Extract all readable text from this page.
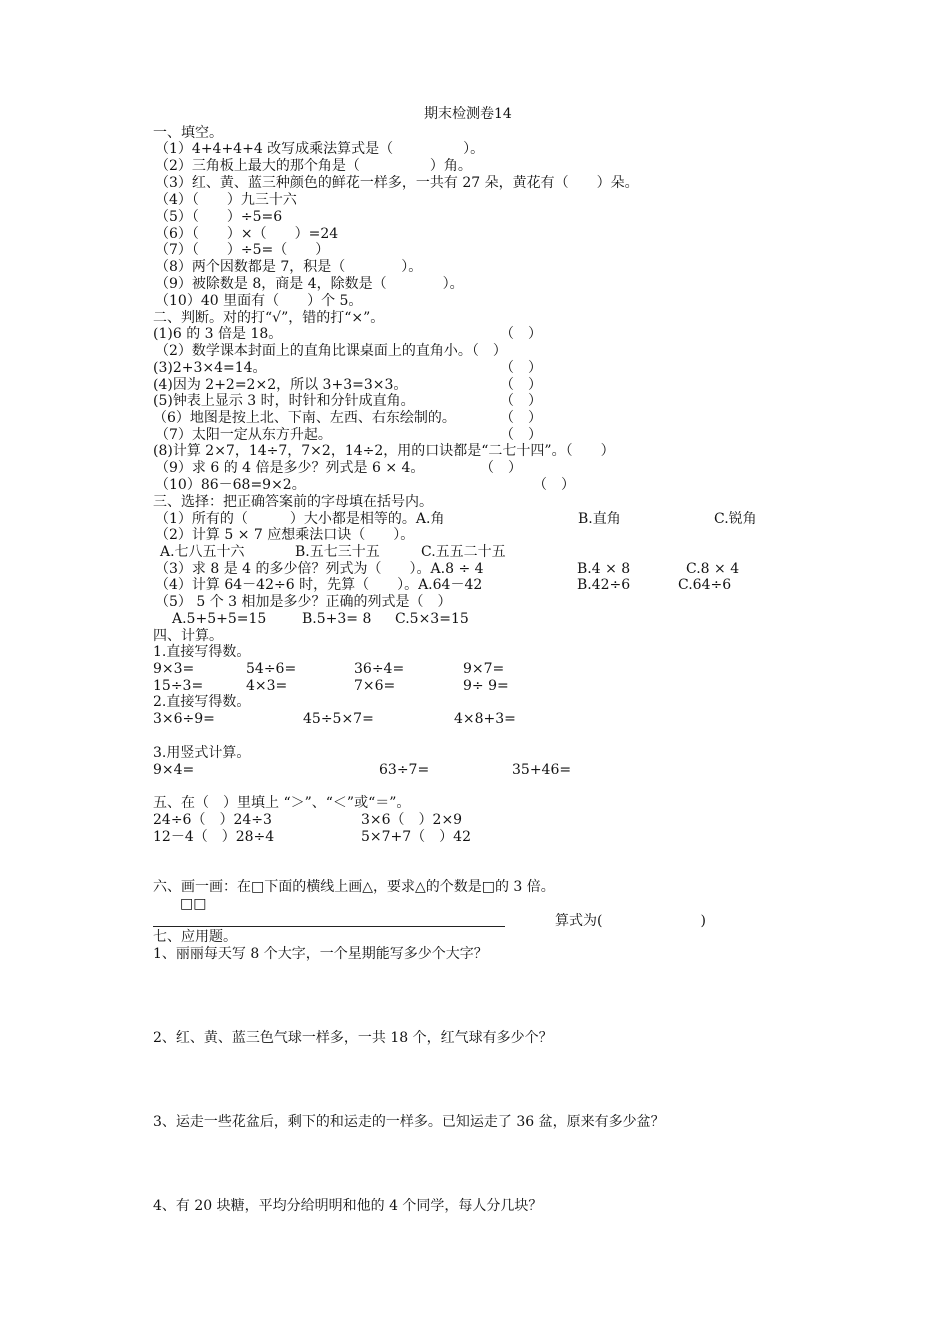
期末检测卷14
一、填空。
（1）4+4+4+4 改写成乘法算式是（　　　　　）。
（2）三角板上最大的那个角是（　　　　　）角。
（3）红、黄、蓝三种颜色的鲜花一样多，一共有 27 朵，黄花有（　　）朵。
（4）（　　）九三十六
（5）（　　）÷5=6
（6）（　　）×（　　）=24
（7）（　　）÷5=（　　）
（8）两个因数都是 7，积是（　　　　）。
（9）被除数是 8，商是 4，除数是（　　　　）。
（10）40 里面有（　　）个 5。
二、判断。对的打“√”，错的打“×”。
(1)6 的 3 倍是 18。	（　）
（2）数学课本封面上的直角比课桌面上的直角小。（　）
(3)2+3×4=14。	（　）
(4)因为 2+2=2×2，所以 3+3=3×3。	（　）
(5)钟表上显示 3 时，时针和分针成直角。	（　）
（6）地图是按上北、下南、左西、右东绘制的。	（　）
（7）太阳一定从东方升起。	（　）
(8)计算 2×7，14÷7，7×2，14÷2，用的口诀都是“二七十四”。（　　）
（9）求 6 的 4 倍是多少？列式是 6 × 4。	（　）
（10）86－68=9×2。	（　）
三、选择：把正确答案前的字母填在括号内。
（1）所有的（　　　）大小都是相等的。A.角	B.直角	C.锐角
（2）计算 5 × 7 应想乘法口诀（　　）。
A.七八五十六	B.五七三十五	C.五五二十五
（3）求 8 是 4 的多少倍？列式为（　　）。A.8 ÷ 4	B.4 × 8	C.8 × 4
（4）计算 64－42÷6 时，先算（　　）。A.64－42	B.42÷6	C.64÷6
（5） 5 个 3 相加是多少？正确的列式是（　）
A.5+5+5=15	B.5+3= 8 C.5×3=15
四、计算。
1.直接写得数。
9×3=	54÷6=	36÷4=	9×7=
15÷3=	4×3=	7×6=	9÷ 9=
2.直接写得数。
3×6÷9=	45÷5×7=	4×8+3=
3.用竖式计算。
9×4=	63÷7=	35+46=
五、在（　）里填上 “＞”、“＜”或“＝”。
24÷6（　）24÷3	3×6（　）2×9
12－4（　）28÷4	5×7+7（　）42
六、画一画：在□下面的横线上画△，要求△的个数是□的 3 倍。
□□
算式为(　　　　　　　)
七、应用题。
1、丽丽每天写 8 个大字，一个星期能写多少个大字？
2、红、黄、蓝三色气球一样多，一共 18 个，红气球有多少个？
3、运走一些花盆后，剩下的和运走的一样多。已知运走了 36 盆，原来有多少盆？
4、有 20 块糖，平均分给明明和他的 4 个同学，每人分几块？
